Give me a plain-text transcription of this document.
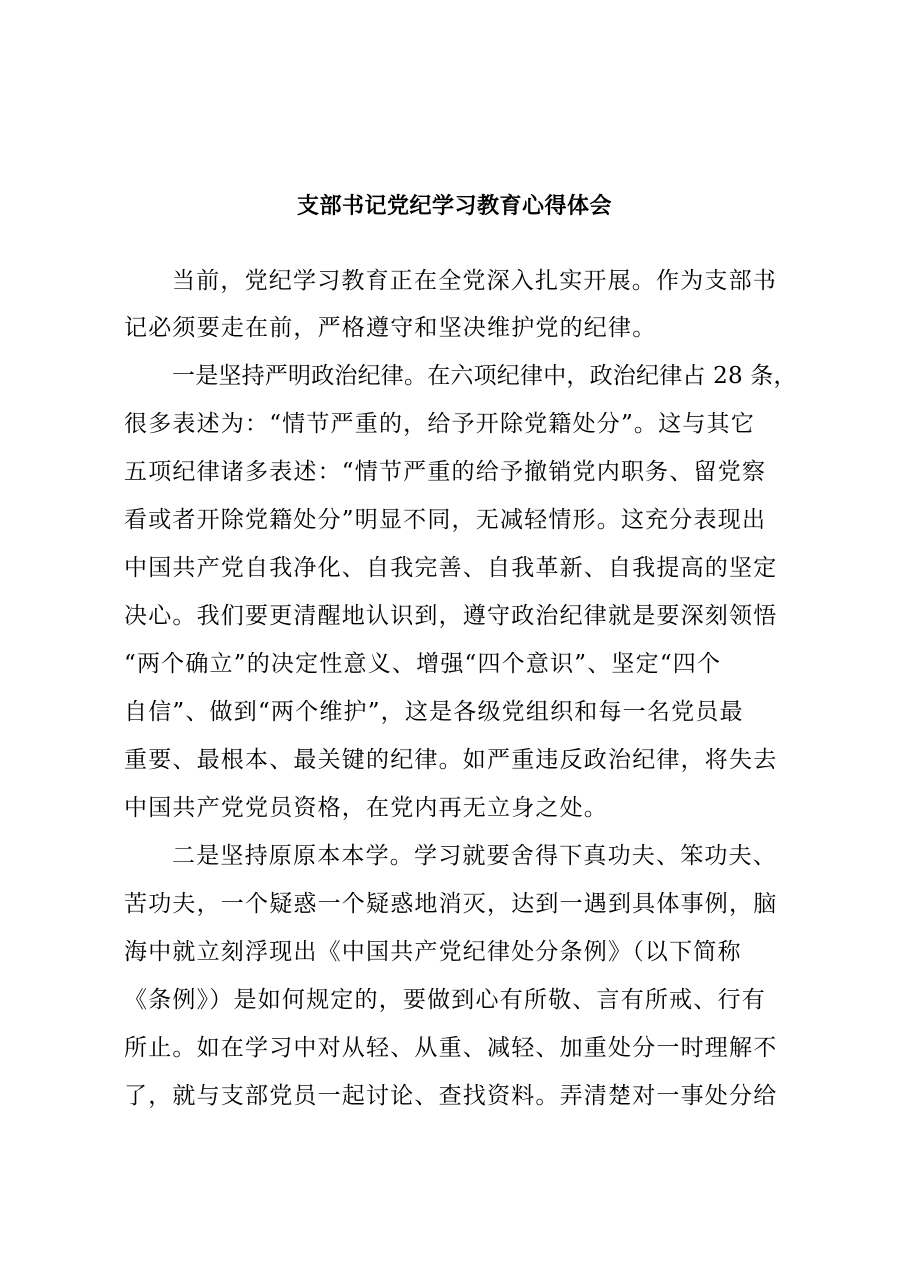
支部书记党纪学习教育心得体会
当前，党纪学习教育正在全党深入扎实开展。作为支部书
记必须要走在前，严格遵守和坚决维护党的纪律。
一是坚持严明政治纪律。在六项纪律中，政治纪律占 28 条，
很多表述为：“情节严重的，给予开除党籍处分”。这与其它
五项纪律诸多表述：“情节严重的给予撤销党内职务、留党察
看或者开除党籍处分”明显不同，无减轻情形。这充分表现出
中国共产党自我净化、自我完善、自我革新、自我提高的坚定
决心。我们要更清醒地认识到，遵守政治纪律就是要深刻领悟
“两个确立”的决定性意义、增强“四个意识”、坚定“四个
自信”、做到“两个维护”，这是各级党组织和每一名党员最
重要、最根本、最关键的纪律。如严重违反政治纪律，将失去
中国共产党党员资格，在党内再无立身之处。
二是坚持原原本本学。学习就要舍得下真功夫、笨功夫、
苦功夫，一个疑惑一个疑惑地消灭，达到一遇到具体事例，脑
海中就立刻浮现出《中国共产党纪律处分条例》（以下简称
《条例》）是如何规定的，要做到心有所敬、言有所戒、行有
所止。如在学习中对从轻、从重、减轻、加重处分一时理解不
了，就与支部党员一起讨论、查找资料。弄清楚对一事处分给
